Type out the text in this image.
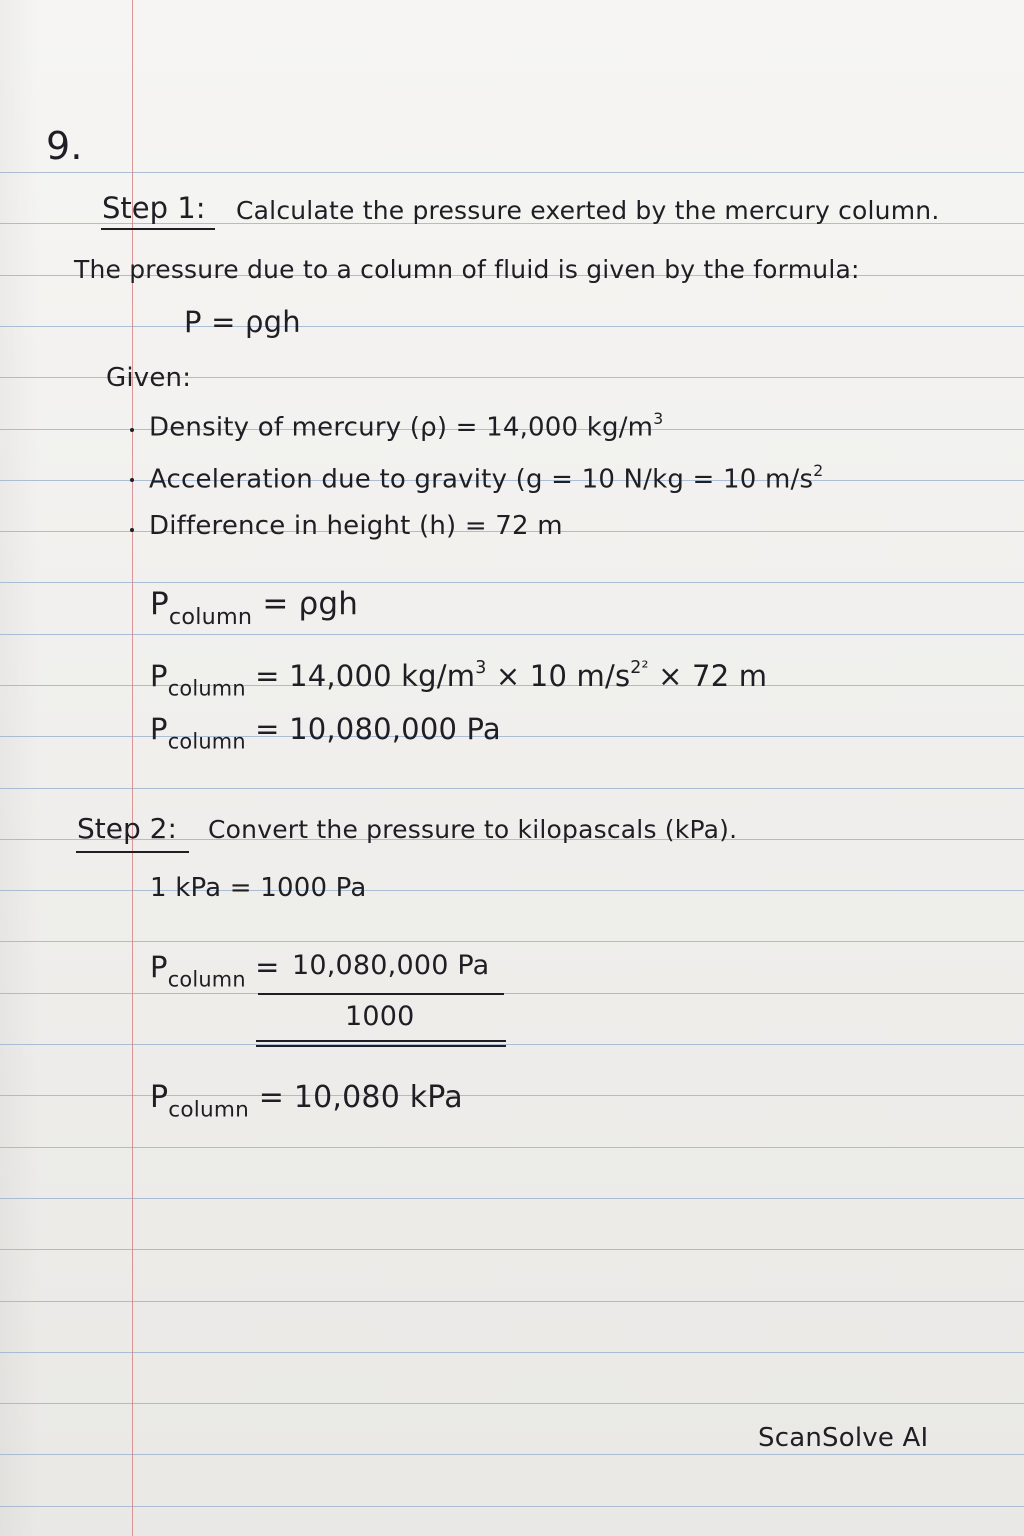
9.
Step 1: Calculate the pressure exerted by the mercury column.
The pressure due to a column of fluid is given by the formula:
P = ρgh
Given:
Density of mercury (ρ) = 14,000 $kg/m^3$
Acceleration due to gravity (g = 10 N/kg = 10 $m/s^2$
Difference in height (h) = 72 m
$P_{column} = \rho gh$
$P_{column} = 14,000$ $kg/m^3 \times 10$ $m/s^{2^2} \times 72$ m
$P_{column} = 10,080,000$ Pa
Step 2: Convert the pressure to kilopascals (kPa).
1 kPa = 1000 Pa
$P_{column} = 10,080,000$ Pa
1000
$P_{column} = 10,080$ kPa
ScanSolve AI
